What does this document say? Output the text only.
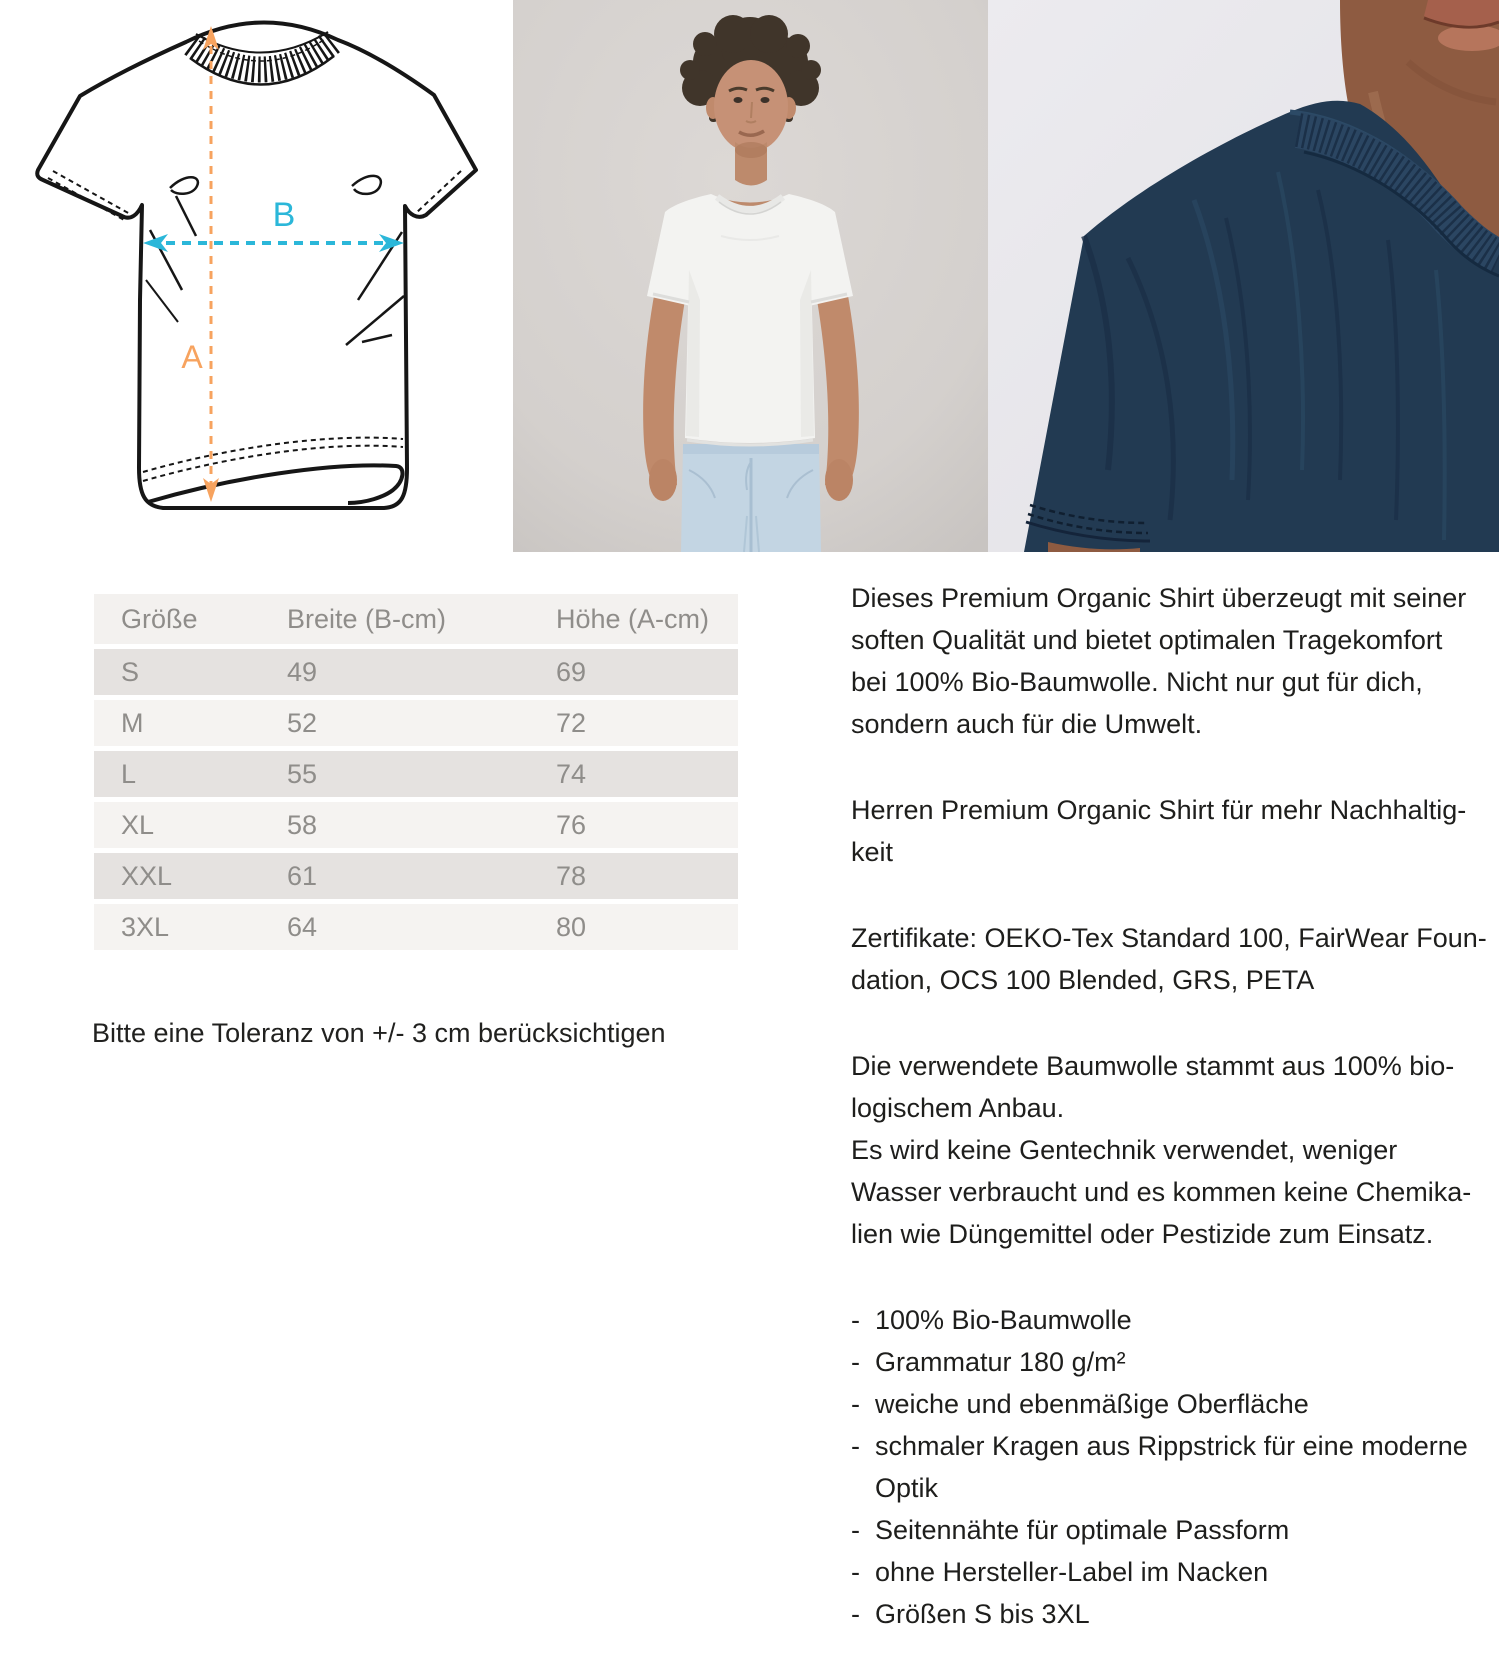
A
B
Größe	Breite (B-cm)	Höhe (A-cm)
S	49	69
M	52	72
L	55	74
XL	58	76
XXL	61	78
3XL	64	80
Bitte eine Toleranz von +/- 3 cm berücksichtigen
Dieses Premium Organic Shirt überzeugt mit seiner
soften Qualität und bietet optimalen Tragekomfort
bei 100% Bio-Baumwolle. Nicht nur gut für dich,
sondern auch für die Umwelt.
Herren Premium Organic Shirt für mehr Nachhaltig-
keit
Zertifikate: OEKO-Tex Standard 100, FairWear Foun-
dation, OCS 100 Blended, GRS, PETA
Die verwendete Baumwolle stammt aus 100% bio-
logischem Anbau.
Es wird keine Gentechnik verwendet, weniger
Wasser verbraucht und es kommen keine Chemika-
lien wie Düngemittel oder Pestizide zum Einsatz.
- 100% Bio-Baumwolle
- Grammatur 180 g/m²
- weiche und ebenmäßige Oberfläche
- schmaler Kragen aus Rippstrick für eine moderne Optik
- Seitennähte für optimale Passform
- ohne Hersteller-Label im Nacken
- Größen S bis 3XL
